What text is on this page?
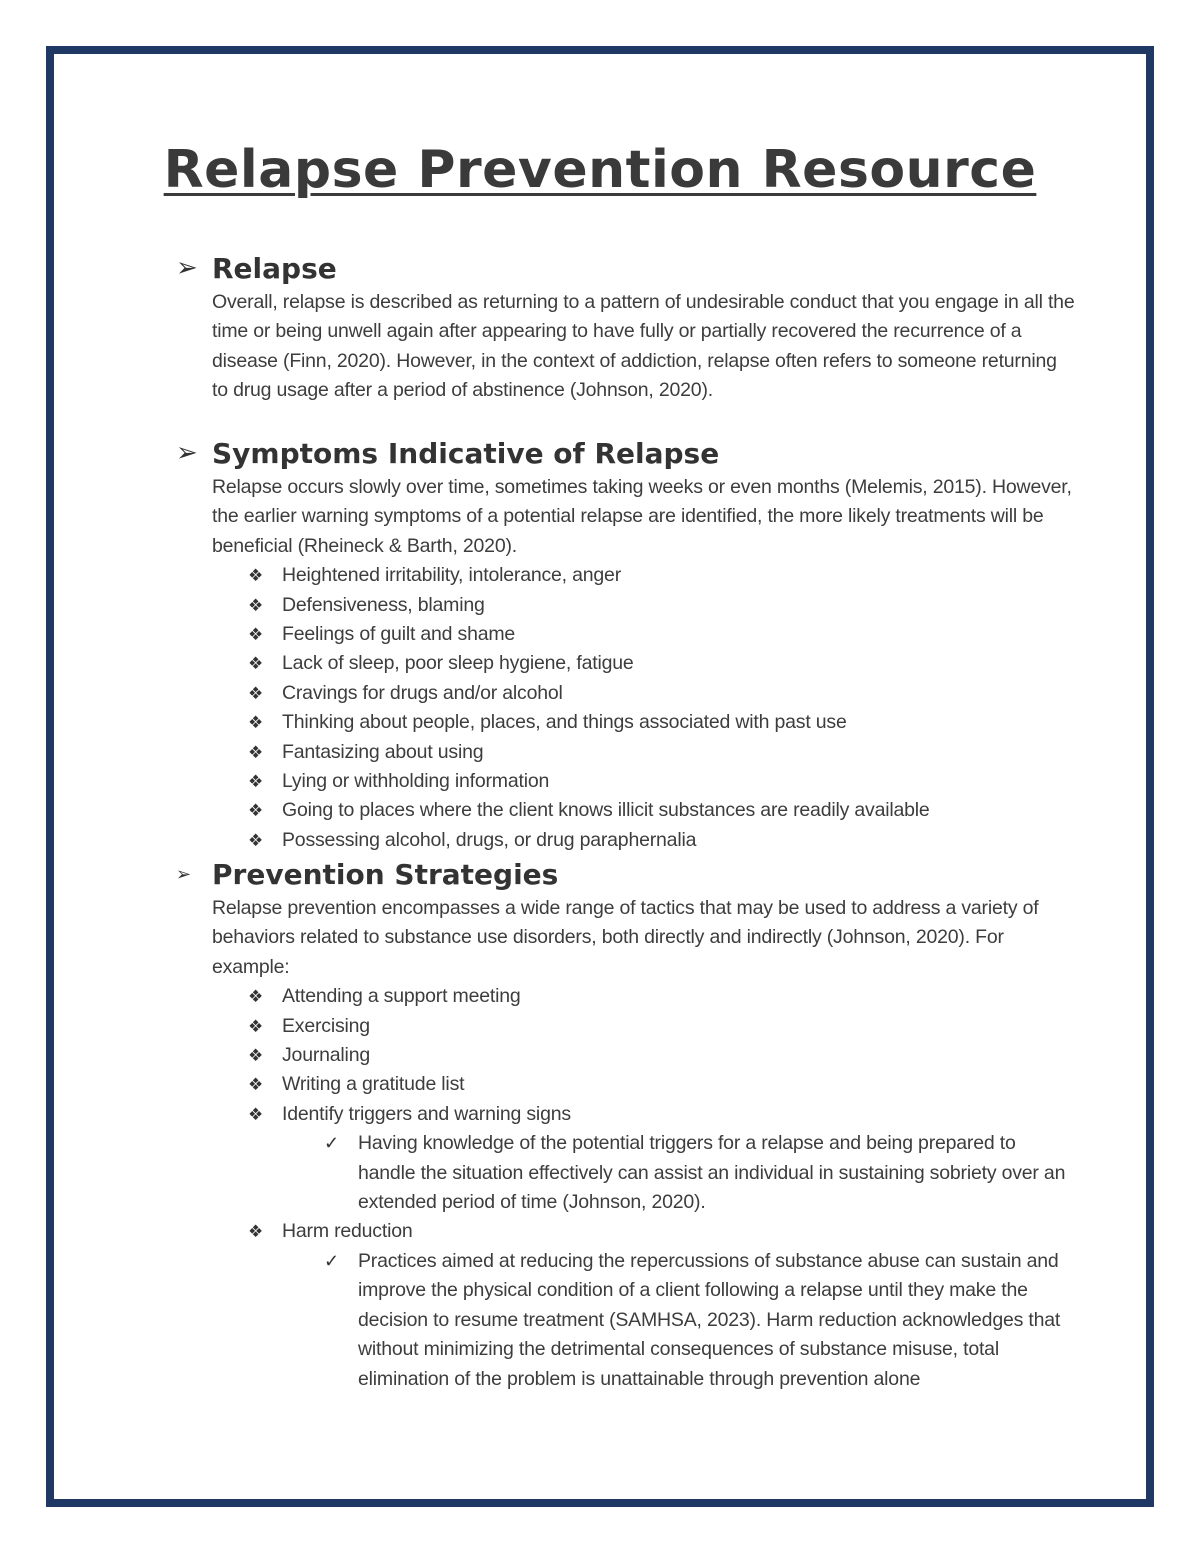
Relapse Prevention Resource
➢ Relapse
Overall, relapse is described as returning to a pattern of undesirable conduct that you engage in all the time or being unwell again after appearing to have fully or partially recovered the recurrence of a disease (Finn, 2020). However, in the context of addiction, relapse often refers to someone returning to drug usage after a period of abstinence (Johnson, 2020).
➢ Symptoms Indicative of Relapse
Relapse occurs slowly over time, sometimes taking weeks or even months (Melemis, 2015). However, the earlier warning symptoms of a potential relapse are identified, the more likely treatments will be beneficial (Rheineck & Barth, 2020).
❖ Heightened irritability, intolerance, anger
❖ Defensiveness, blaming
❖ Feelings of guilt and shame
❖ Lack of sleep, poor sleep hygiene, fatigue
❖ Cravings for drugs and/or alcohol
❖ Thinking about people, places, and things associated with past use
❖ Fantasizing about using
❖ Lying or withholding information
❖ Going to places where the client knows illicit substances are readily available
❖ Possessing alcohol, drugs, or drug paraphernalia
➢ Prevention Strategies
Relapse prevention encompasses a wide range of tactics that may be used to address a variety of behaviors related to substance use disorders, both directly and indirectly (Johnson, 2020). For example:
❖ Attending a support meeting
❖ Exercising
❖ Journaling
❖ Writing a gratitude list
❖ Identify triggers and warning signs
✓ Having knowledge of the potential triggers for a relapse and being prepared to handle the situation effectively can assist an individual in sustaining sobriety over an extended period of time (Johnson, 2020).
❖ Harm reduction
✓ Practices aimed at reducing the repercussions of substance abuse can sustain and improve the physical condition of a client following a relapse until they make the decision to resume treatment (SAMHSA, 2023). Harm reduction acknowledges that without minimizing the detrimental consequences of substance misuse, total elimination of the problem is unattainable through prevention alone
